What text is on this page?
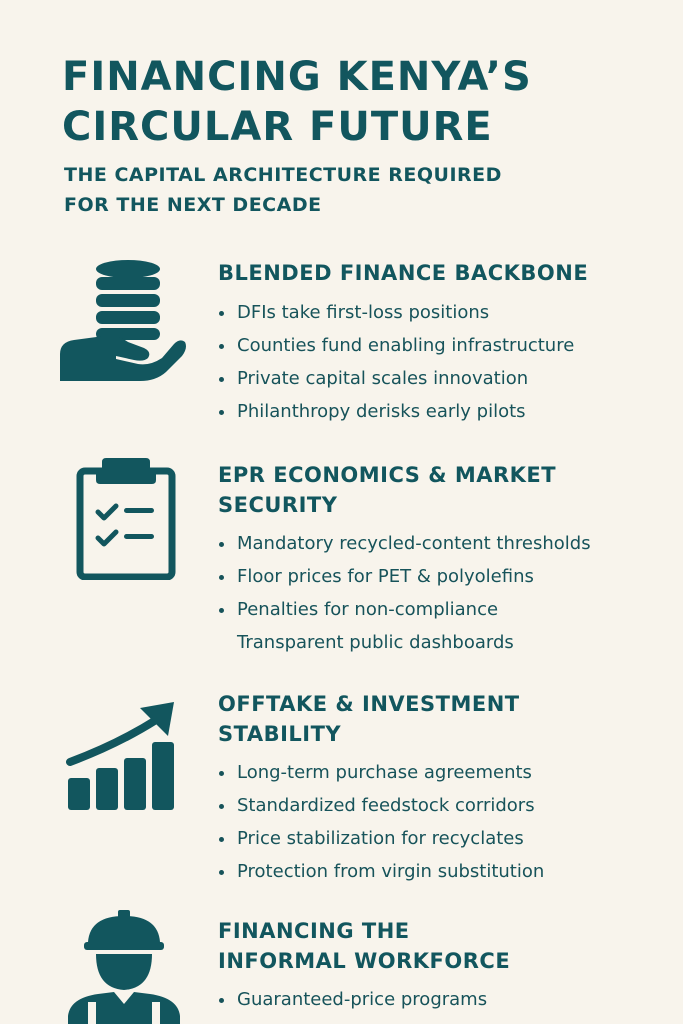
FINANCING KENYA’S
CIRCULAR FUTURE
THE CAPITAL ARCHITECTURE REQUIRED
FOR THE NEXT DECADE
BLENDED FINANCE BACKBONE
DFIs take first-loss positions
Counties fund enabling infrastructure
Private capital scales innovation
Philanthropy derisks early pilots
EPR ECONOMICS & MARKET
SECURITY
Mandatory recycled-content thresholds
Floor prices for PET & polyolefins
Penalties for non-compliance
Transparent public dashboards
OFFTAKE & INVESTMENT
STABILITY
Long-term purchase agreements
Standardized feedstock corridors
Price stabilization for recyclates
Protection from virgin substitution
FINANCING THE
INFORMAL WORKFORCE
Guaranteed-price programs
